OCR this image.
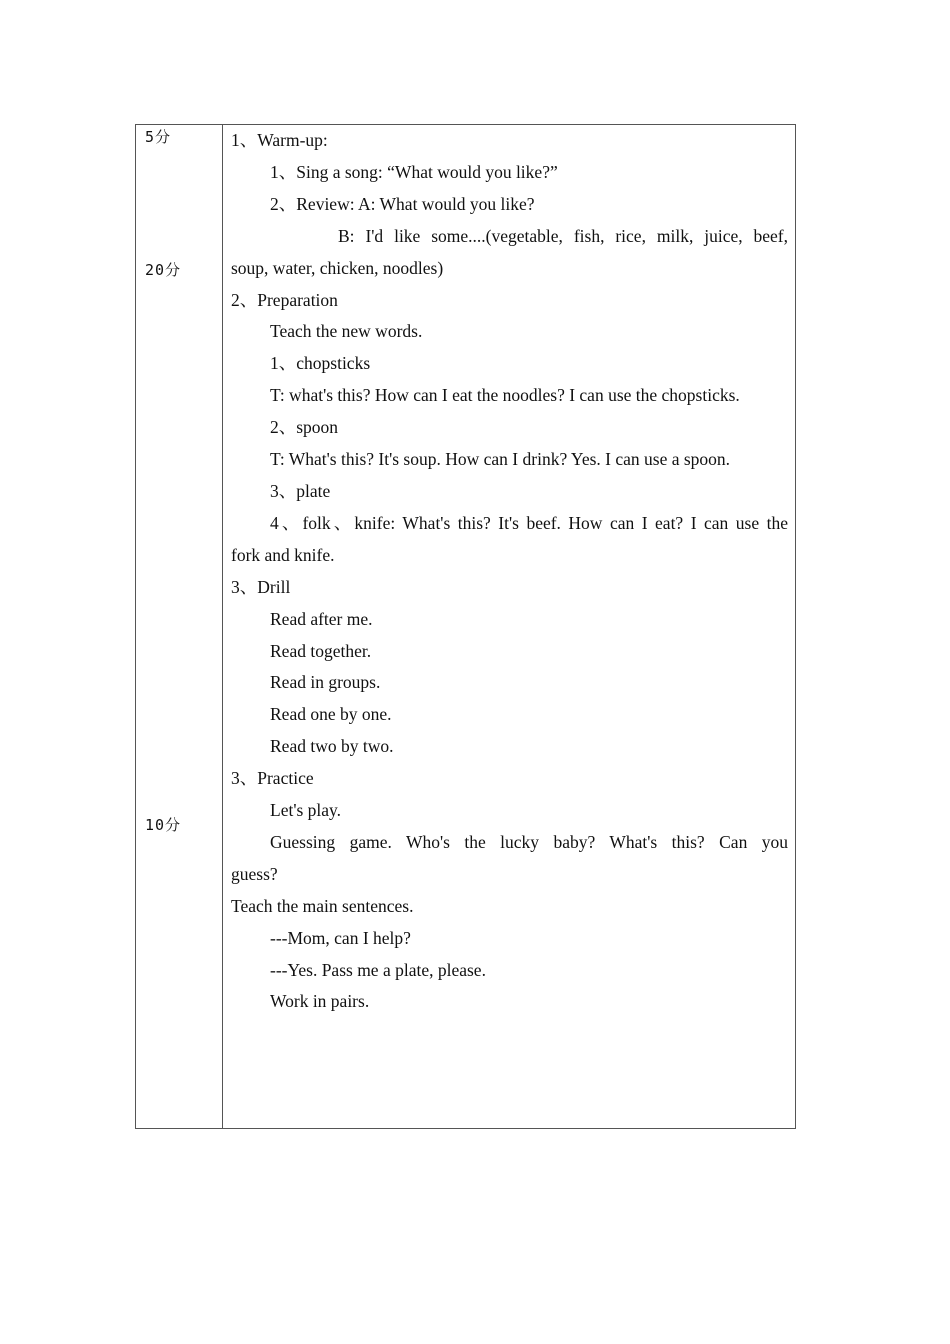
5分
20分
10分
1、Warm-up:
1、Sing a song: “What would you like?”
2、Review: A: What would you like?
B: I'd like some....(vegetable, fish, rice, milk, juice, beef,
soup, water, chicken, noodles)
2、Preparation
Teach the new words.
1、chopsticks
T: what's this? How can I eat the noodles? I can use the chopsticks.
2、spoon
T: What's this? It's soup. How can I drink? Yes. I can use a spoon.
3、plate
4、folk、knife: What's this? It's beef. How can I eat? I can use the
fork and knife.
3、Drill
Read after me.
Read together.
Read in groups.
Read one by one.
Read two by two.
3、Practice
Let's play.
Guessing game. Who's the lucky baby? What's this? Can you
guess?
Teach the main sentences.
---Mom, can I help?
---Yes. Pass me a plate, please.
Work in pairs.
